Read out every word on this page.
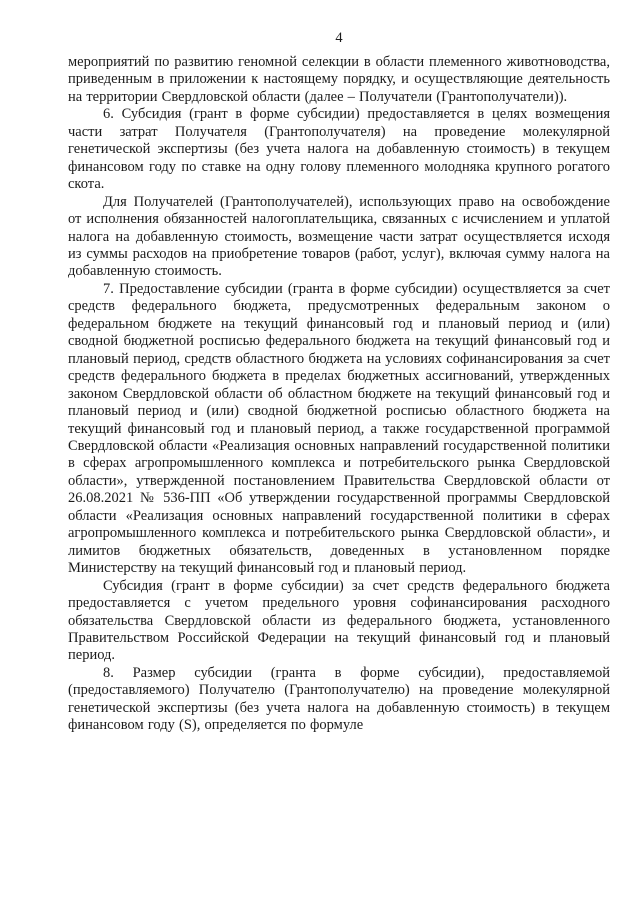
4

мероприятий по развитию геномной селекции в области племенного животноводства, приведенным в приложении к настоящему порядку, и осуществляющие деятельность на территории Свердловской области (далее – Получатели (Грантополучатели)).

6. Субсидия (грант в форме субсидии) предоставляется в целях возмещения части затрат Получателя (Грантополучателя) на проведение молекулярной генетической экспертизы (без учета налога на добавленную стоимость) в текущем финансовом году по ставке на одну голову племенного молодняка крупного рогатого скота.

Для Получателей (Грантополучателей), использующих право на освобождение от исполнения обязанностей налогоплательщика, связанных с исчислением и уплатой налога на добавленную стоимость, возмещение части затрат осуществляется исходя из суммы расходов на приобретение товаров (работ, услуг), включая сумму налога на добавленную стоимость.

7. Предоставление субсидии (гранта в форме субсидии) осуществляется за счет средств федерального бюджета, предусмотренных федеральным законом о федеральном бюджете на текущий финансовый год и плановый период и (или) сводной бюджетной росписью федерального бюджета на текущий финансовый год и плановый период, средств областного бюджета на условиях софинансирования за счет средств федерального бюджета в пределах бюджетных ассигнований, утвержденных законом Свердловской области об областном бюджете на текущий финансовый год и плановый период и (или) сводной бюджетной росписью областного бюджета на текущий финансовый год и плановый период, а также государственной программой Свердловской области «Реализация основных направлений государственной политики в сферах агропромышленного комплекса и потребительского рынка Свердловской области», утвержденной постановлением Правительства Свердловской области от 26.08.2021 № 536-ПП «Об утверждении государственной программы Свердловской области «Реализация основных направлений государственной политики в сферах агропромышленного комплекса и потребительского рынка Свердловской области», и лимитов бюджетных обязательств, доведенных в установленном порядке Министерству на текущий финансовый год и плановый период.

Субсидия (грант в форме субсидии) за счет средств федерального бюджета предоставляется с учетом предельного уровня софинансирования расходного обязательства Свердловской области из федерального бюджета, установленного Правительством Российской Федерации на текущий финансовый год и плановый период.

8. Размер субсидии (гранта в форме субсидии), предоставляемой (предоставляемого) Получателю (Грантополучателю) на проведение молекулярной генетической экспертизы (без учета налога на добавленную стоимость) в текущем финансовом году (S), определяется по формуле
